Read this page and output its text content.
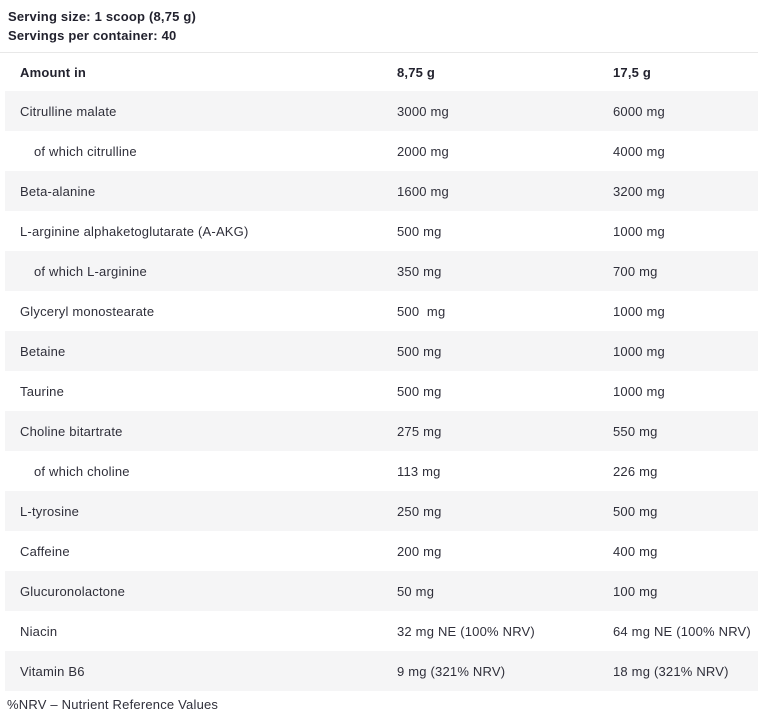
Serving size: 1 scoop (8,75 g)
Servings per container: 40
Amount in	8,75 g	17,5 g
Citrulline malate	3000 mg	6000 mg
of which citrulline	2000 mg	4000 mg
Beta-alanine	1600 mg	3200 mg
L-arginine alphaketoglutarate (A-AKG)	500 mg	1000 mg
of which L-arginine	350 mg	700 mg
Glyceryl monostearate	500  mg	1000 mg
Betaine	500 mg	1000 mg
Taurine	500 mg	1000 mg
Choline bitartrate	275 mg	550 mg
of which choline	113 mg	226 mg
L-tyrosine	250 mg	500 mg
Caffeine	200 mg	400 mg
Glucuronolactone	50 mg	100 mg
Niacin	32 mg NE (100% NRV)	64 mg NE (100% NRV)
Vitamin B6	9 mg (321% NRV)	18 mg (321% NRV)
%NRV – Nutrient Reference Values
